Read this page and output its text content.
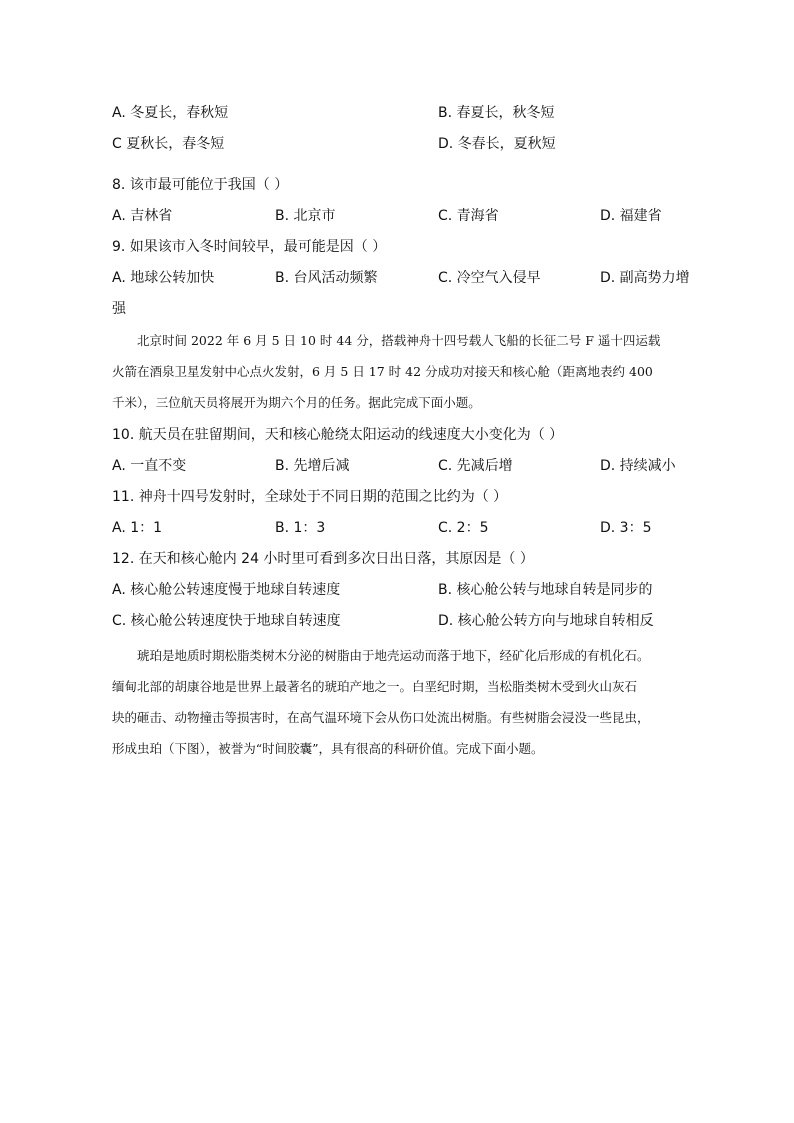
A. 冬夏长，春秋短	B. 春夏长，秋冬短
C 夏秋长，春冬短	D. 冬春长，夏秋短
8. 该市最可能位于我国（ ）
A. 吉林省	B. 北京市	C. 青海省	D. 福建省
9. 如果该市入冬时间较早，最可能是因（ ）
A. 地球公转加快	B. 台风活动频繁	C. 冷空气入侵早	D. 副高势力增
强

北京时间 2022 年 6 月 5 日 10 时 44 分，搭载神舟十四号载人飞船的长征二号 F 遥十四运载

火箭在酒泉卫星发射中心点火发射，6 月 5 日 17 时 42 分成功对接天和核心舱（距离地表约 400

千米），三位航天员将展开为期六个月的任务。据此完成下面小题。

10. 航天员在驻留期间，天和核心舱绕太阳运动的线速度大小变化为（ ）
A. 一直不变	B. 先增后减	C. 先减后增	D. 持续减小
11. 神舟十四号发射时，全球处于不同日期的范围之比约为（ ）
A. 1：1	B. 1：3	C. 2：5	D. 3：5
12. 在天和核心舱内 24 小时里可看到多次日出日落，其原因是（ ）
A. 核心舱公转速度慢于地球自转速度	B. 核心舱公转与地球自转是同步的
C. 核心舱公转速度快于地球自转速度	D. 核心舱公转方向与地球自转相反

琥珀是地质时期松脂类树木分泌的树脂由于地壳运动而落于地下，经矿化后形成的有机化石。

缅甸北部的胡康谷地是世界上最著名的琥珀产地之一。白垩纪时期，当松脂类树木受到火山灰石

块的砸击、动物撞击等损害时，在高气温环境下会从伤口处流出树脂。有些树脂会浸没一些昆虫，

形成虫珀（下图），被誉为“时间胶囊”，具有很高的科研价值。完成下面小题。
